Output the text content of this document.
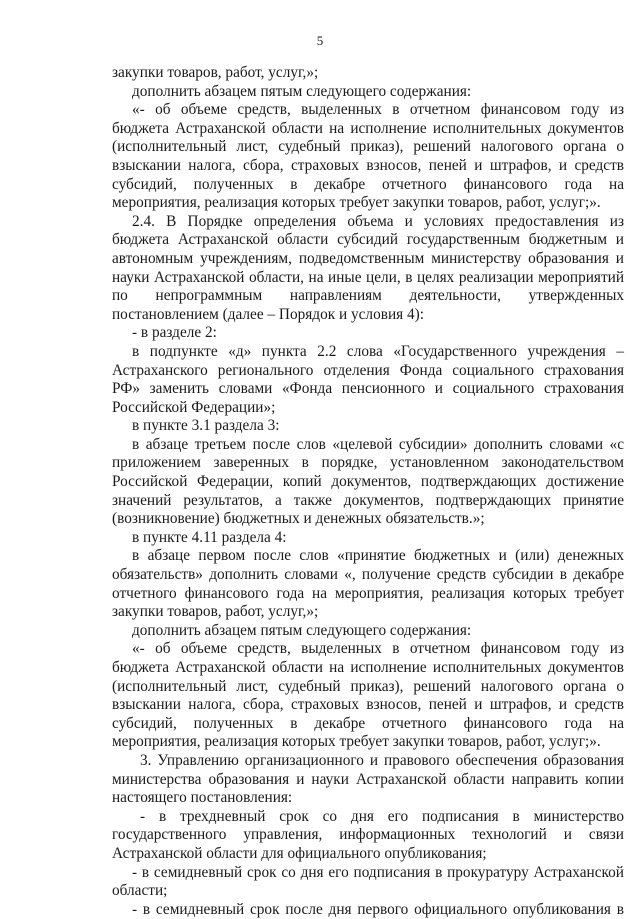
5

закупки товаров, работ, услуг,»;

дополнить абзацем пятым следующего содержания:

«- об объеме средств, выделенных в отчетном финансовом году из бюджета Астраханской области на исполнение исполнительных документов (исполнительный лист, судебный приказ), решений налогового органа о взыскании налога, сбора, страховых взносов, пеней и штрафов, и средств субсидий, полученных в декабре отчетного финансового года на мероприятия, реализация которых требует закупки товаров, работ, услуг;».

2.4. В Порядке определения объема и условиях предоставления из бюджета Астраханской области субсидий государственным бюджетным и автономным учреждениям, подведомственным министерству образования и науки Астраханской области, на иные цели, в целях реализации мероприятий по непрограммным направлениям деятельности, утвержденных постановлением (далее – Порядок и условия 4):

- в разделе 2:

в подпункте «д» пункта 2.2 слова «Государственного учреждения – Астраханского регионального отделения Фонда социального страхования РФ» заменить словами «Фонда пенсионного и социального страхования Российской Федерации»;

в пункте 3.1 раздела 3:

в абзаце третьем после слов «целевой субсидии» дополнить словами «с приложением заверенных в порядке, установленном законодательством Российской Федерации, копий документов, подтверждающих достижение значений результатов, а также документов, подтверждающих принятие (возникновение) бюджетных и денежных обязательств.»;

в пункте 4.11 раздела 4:

в абзаце первом после слов «принятие бюджетных и (или) денежных обязательств» дополнить словами «, получение средств субсидии в декабре отчетного финансового года на мероприятия, реализация которых требует закупки товаров, работ, услуг,»;

дополнить абзацем пятым следующего содержания:

«- об объеме средств, выделенных в отчетном финансовом году из бюджета Астраханской области на исполнение исполнительных документов (исполнительный лист, судебный приказ), решений налогового органа о взыскании налога, сбора, страховых взносов, пеней и штрафов, и средств субсидий, полученных в декабре отчетного финансового года на мероприятия, реализация которых требует закупки товаров, работ, услуг;».

3. Управлению организационного и правового обеспечения образования министерства образования и науки Астраханской области направить копии настоящего постановления:

- в трехдневный срок со дня его подписания в министерство государственного управления, информационных технологий и связи Астраханской области для официального опубликования;

- в семидневный срок со дня его подписания в прокуратуру Астраханской области;

- в семидневный срок после дня первого официального опубликования в
